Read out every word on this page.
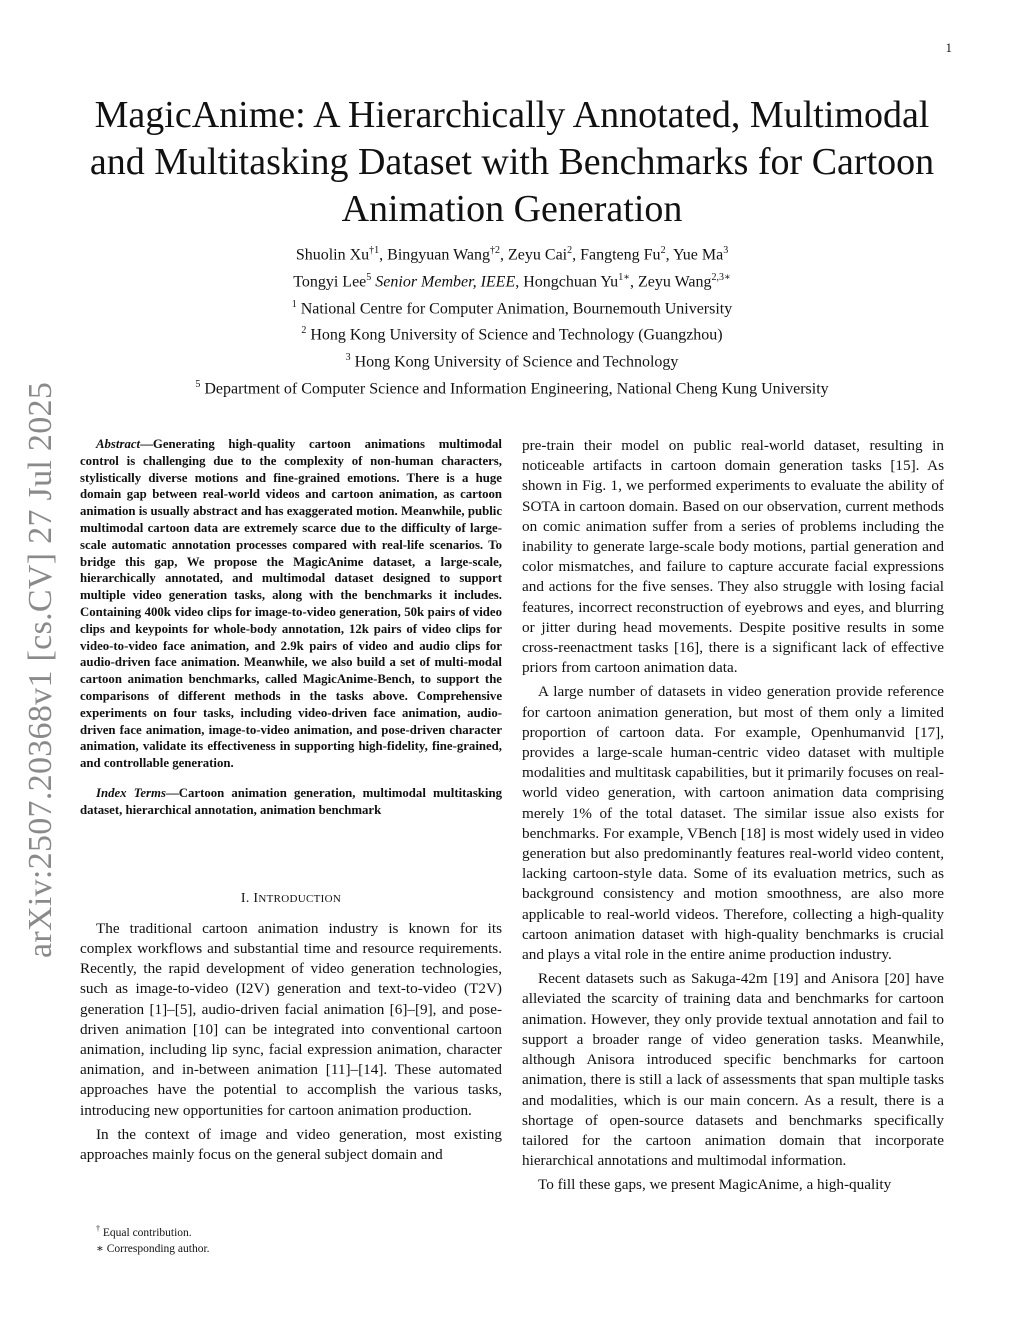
1
arXiv:2507.20368v1 [cs.CV] 27 Jul 2025
MagicAnime: A Hierarchically Annotated, Multimodal and Multitasking Dataset with Benchmarks for Cartoon Animation Generation
Shuolin Xu$^{\dagger 1}$, Bingyuan Wang$^{\dagger 2}$, Zeyu Cai$^2$, Fangteng Fu$^2$, Yue Ma$^3$
Tongyi Lee$^5$ Senior Member, IEEE, Hongchuan $Yu^{1∗}$, Zeyu Wang$^{2,3∗}$
$^1$ National Centre for Computer Animation, Bournemouth University
$^2$ Hong Kong University of Science and Technology (Guangzhou)
$^3$ Hong Kong University of Science and Technology
$^5$ Department of Computer Science and Information Engineering, National Cheng Kung University

Abstract—Generating high-quality cartoon animations multimodal control is challenging due to the complexity of non-human characters, stylistically diverse motions and fine-grained emotions. There is a huge domain gap between real-world videos and cartoon animation, as cartoon animation is usually abstract and has exaggerated motion. Meanwhile, public multimodal cartoon data are extremely scarce due to the difficulty of large-scale automatic annotation processes compared with real-life scenarios. To bridge this gap, We propose the MagicAnime dataset, a large-scale, hierarchically annotated, and multimodal dataset designed to support multiple video generation tasks, along with the benchmarks it includes. Containing 400k video clips for image-to-video generation, 50k pairs of video clips and keypoints for whole-body annotation, 12k pairs of video clips for video-to-video face animation, and 2.9k pairs of video and audio clips for audio-driven face animation. Meanwhile, we also build a set of multi-modal cartoon animation benchmarks, called MagicAnime-Bench, to support the comparisons of different methods in the tasks above. Comprehensive experiments on four tasks, including video-driven face animation, audio-driven face animation, image-to-video animation, and pose-driven character animation, validate its effectiveness in supporting high-fidelity, fine-grained, and controllable generation.

Index Terms—Cartoon animation generation, multimodal multitasking dataset, hierarchical annotation, animation benchmark

I. INTRODUCTION

The traditional cartoon animation industry is known for its complex workflows and substantial time and resource requirements. Recently, the rapid development of video generation technologies, such as image-to-video (I2V) generation and text-to-video (T2V) generation [1]–[5], audio-driven facial animation [6]–[9], and pose-driven animation [10] can be integrated into conventional cartoon animation, including lip sync, facial expression animation, character animation, and in-between animation [11]–[14]. These automated approaches have the potential to accomplish the various tasks, introducing new opportunities for cartoon animation production.

In the context of image and video generation, most existing approaches mainly focus on the general subject domain and

pre-train their model on public real-world dataset, resulting in noticeable artifacts in cartoon domain generation tasks [15]. As shown in Fig. 1, we performed experiments to evaluate the ability of SOTA in cartoon domain. Based on our observation, current methods on comic animation suffer from a series of problems including the inability to generate large-scale body motions, partial generation and color mismatches, and failure to capture accurate facial expressions and actions for the five senses. They also struggle with losing facial features, incorrect reconstruction of eyebrows and eyes, and blurring or jitter during head movements. Despite positive results in some cross-reenactment tasks [16], there is a significant lack of effective priors from cartoon animation data.

A large number of datasets in video generation provide reference for cartoon animation generation, but most of them only a limited proportion of cartoon data. For example, Openhumanvid [17], provides a large-scale human-centric video dataset with multiple modalities and multitask capabilities, but it primarily focuses on real-world video generation, with cartoon animation data comprising merely 1% of the total dataset. The similar issue also exists for benchmarks. For example, VBench [18] is most widely used in video generation but also predominantly features real-world video content, lacking cartoon-style data. Some of its evaluation metrics, such as background consistency and motion smoothness, are also more applicable to real-world videos. Therefore, collecting a high-quality cartoon animation dataset with high-quality benchmarks is crucial and plays a vital role in the entire anime production industry.

Recent datasets such as Sakuga-42m [19] and Anisora [20] have alleviated the scarcity of training data and benchmarks for cartoon animation. However, they only provide textual annotation and fail to support a broader range of video generation tasks. Meanwhile, although Anisora introduced specific benchmarks for cartoon animation, there is still a lack of assessments that span multiple tasks and modalities, which is our main concern. As a result, there is a shortage of open-source datasets and benchmarks specifically tailored for the cartoon animation domain that incorporate hierarchical annotations and multimodal information.

To fill these gaps, we present MagicAnime, a high-quality

† Equal contribution.
∗ Corresponding author.
